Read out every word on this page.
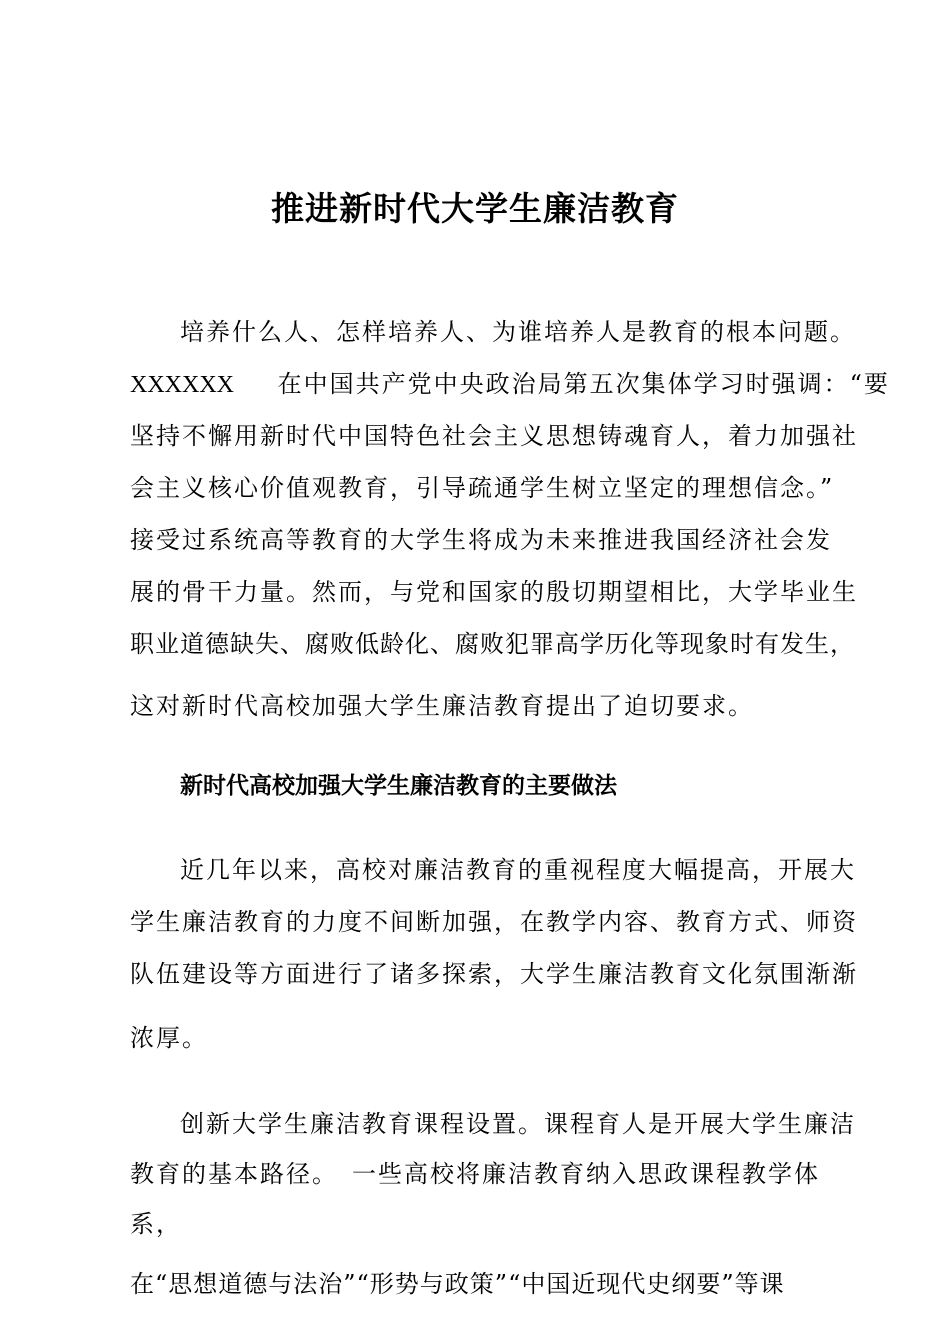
推进新时代大学生廉洁教育
培养什么人、怎样培养人、为谁培养人是教育的根本问题。
XXXXXX 在中国共产党中央政治局第五次集体学习时强调：“要
坚持不懈用新时代中国特色社会主义思想铸魂育人，着力加强社
会主义核心价值观教育，引导疏通学生树立坚定的理想信念。”
接受过系统高等教育的大学生将成为未来推进我国经济社会发
展的骨干力量。然而，与党和国家的殷切期望相比，大学毕业生
职业道德缺失、腐败低龄化、腐败犯罪高学历化等现象时有发生，
这对新时代高校加强大学生廉洁教育提出了迫切要求。
新时代高校加强大学生廉洁教育的主要做法
近几年以来，高校对廉洁教育的重视程度大幅提高，开展大
学生廉洁教育的力度不间断加强，在教学内容、教育方式、师资
队伍建设等方面进行了诸多探索，大学生廉洁教育文化氛围渐渐
浓厚。
创新大学生廉洁教育课程设置。课程育人是开展大学生廉洁
教育的基本路径。　一些高校将廉洁教育纳入思政课程教学体
系，
在“思想道德与法治”“形势与政策”“中国近现代史纲要”等课
